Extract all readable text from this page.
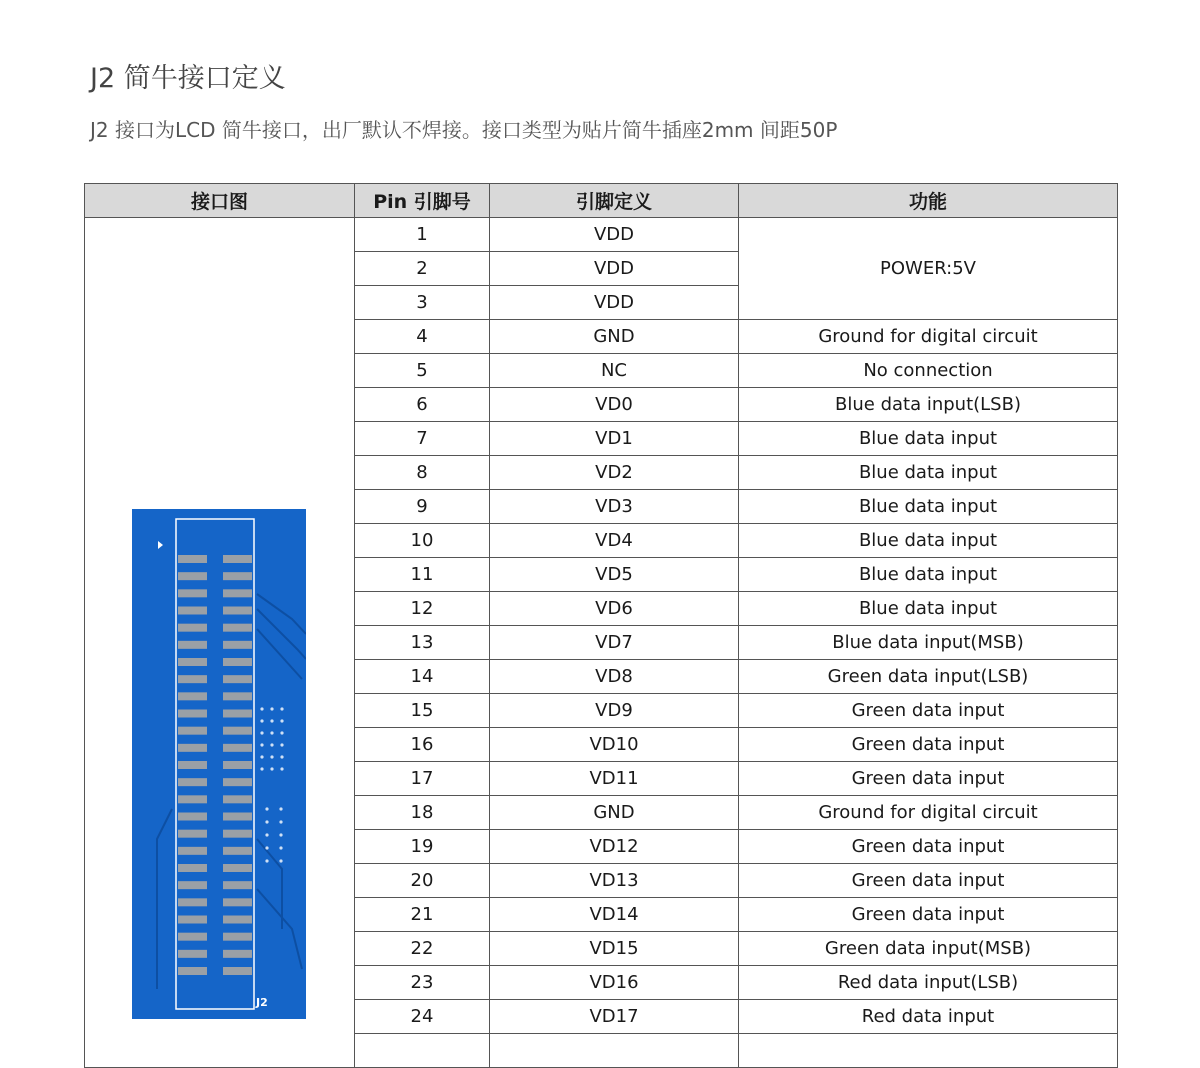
J2 简牛接口定义
J2 接口为LCD 简牛接口，出厂默认不焊接。接口类型为贴片简牛插座2mm 间距50P
接口图	Pin 引脚号	引脚定义	功能

J2	1	VDD	POWER:5V
	2	VDD	
	3	VDD	
	4	GND	Ground for digital circuit
	5	NC	No connection
	6	VD0	Blue data input(LSB)
	7	VD1	Blue data input
	8	VD2	Blue data input
	9	VD3	Blue data input
	10	VD4	Blue data input
	11	VD5	Blue data input
	12	VD6	Blue data input
	13	VD7	Blue data input(MSB)
	14	VD8	Green data input(LSB)
	15	VD9	Green data input
	16	VD10	Green data input
	17	VD11	Green data input
	18	GND	Ground for digital circuit
	19	VD12	Green data input
	20	VD13	Green data input
	21	VD14	Green data input
	22	VD15	Green data input(MSB)
	23	VD16	Red data input(LSB)
	24	VD17	Red data input
